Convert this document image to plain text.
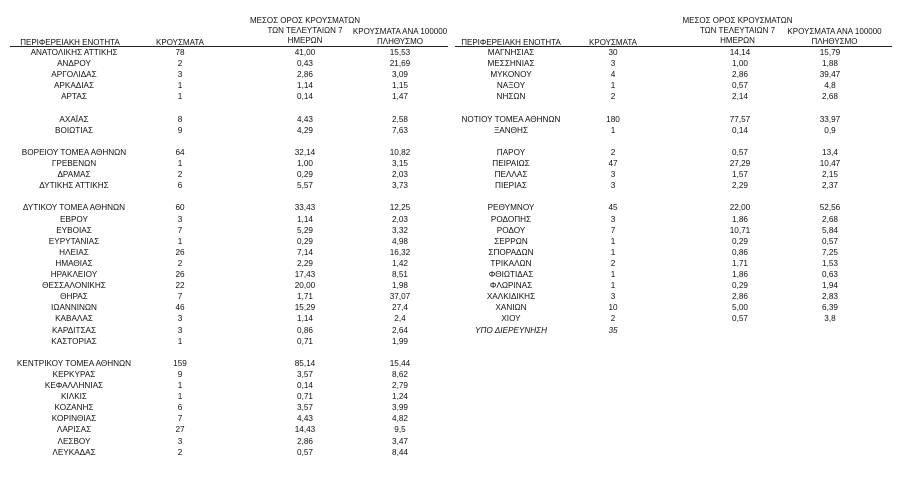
ΠΕΡΙΦΕΡΕΙΑΚΗ ΕΝΟΤΗΤΑ	ΚΡΟΥΣΜΑΤΑ
ΜΕΣΟΣ ΟΡΟΣ ΚΡΟΥΣΜΑΤΩΝ
ΤΩΝ ΤΕΛΕΥΤΑΙΩΝ 7
ΗΜΕΡΩΝ
ΚΡΟΥΣΜΑΤΑ ΑΝΑ 100000
ΠΛΗΘΥΣΜΟ
ΑΝΑΤΟΛΙΚΗΣ ΑΤΤΙΚΗΣ	78	41,00	15,53
ΑΝΔΡΟΥ	2	0,43	21,69
ΑΡΓΟΛΙΔΑΣ	3	2,86	3,09
ΑΡΚΑΔΙΑΣ	1	1,14	1,15
ΑΡΤΑΣ	1	0,14	1,47
ΑΧΑΪΑΣ	8	4,43	2,58
ΒΟΙΩΤΙΑΣ	9	4,29	7,63
ΒΟΡΕΙΟΥ ΤΟΜΕΑ ΑΘΗΝΩΝ	64	32,14	10,82
ΓΡΕΒΕΝΩΝ	1	1,00	3,15
ΔΡΑΜΑΣ	2	0,29	2,03
ΔΥΤΙΚΗΣ ΑΤΤΙΚΗΣ	6	5,57	3,73
ΔΥΤΙΚΟΥ ΤΟΜΕΑ ΑΘΗΝΩΝ	60	33,43	12,25
ΕΒΡΟΥ	3	1,14	2,03
ΕΥΒΟΙΑΣ	7	5,29	3,32
ΕΥΡΥΤΑΝΙΑΣ	1	0,29	4,98
ΗΛΕΙΑΣ	26	7,14	16,32
ΗΜΑΘΙΑΣ	2	2,29	1,42
ΗΡΑΚΛΕΙΟΥ	26	17,43	8,51
ΘΕΣΣΑΛΟΝΙΚΗΣ	22	20,00	1,98
ΘΗΡΑΣ	7	1,71	37,07
ΙΩΑΝΝΙΝΩΝ	46	15,29	27,4
ΚΑΒΑΛΑΣ	3	1,14	2,4
ΚΑΡΔΙΤΣΑΣ	3	0,86	2,64
ΚΑΣΤΟΡΙΑΣ	1	0,71	1,99
ΚΕΝΤΡΙΚΟΥ ΤΟΜΕΑ ΑΘΗΝΩΝ	159	85,14	15,44
ΚΕΡΚΥΡΑΣ	9	3,57	8,62
ΚΕΦΑΛΛΗΝΙΑΣ	1	0,14	2,79
ΚΙΛΚΙΣ	1	0,71	1,24
ΚΟΖΑΝΗΣ	6	3,57	3,99
ΚΟΡΙΝΘΙΑΣ	7	4,43	4,82
ΛΑΡΙΣΑΣ	27	14,43	9,5
ΛΕΣΒΟΥ	3	2,86	3,47
ΛΕΥΚΑΔΑΣ	2	0,57	8,44
ΠΕΡΙΦΕΡΕΙΑΚΗ ΕΝΟΤΗΤΑ	ΚΡΟΥΣΜΑΤΑ
ΜΕΣΟΣ ΟΡΟΣ ΚΡΟΥΣΜΑΤΩΝ
ΤΩΝ ΤΕΛΕΥΤΑΙΩΝ 7
ΗΜΕΡΩΝ
ΚΡΟΥΣΜΑΤΑ ΑΝΑ 100000
ΠΛΗΘΥΣΜΟ
ΜΑΓΝΗΣΙΑΣ	30	14,14	15,79
ΜΕΣΣΗΝΙΑΣ	3	1,00	1,88
ΜΥΚΟΝΟΥ	4	2,86	39,47
ΝΑΞΟΥ	1	0,57	4,8
ΝΗΣΩΝ	2	2,14	2,68
ΝΟΤΙΟΥ ΤΟΜΕΑ ΑΘΗΝΩΝ	180	77,57	33,97
ΞΑΝΘΗΣ	1	0,14	0,9
ΠΑΡΟΥ	2	0,57	13,4
ΠΕΙΡΑΙΩΣ	47	27,29	10,47
ΠΕΛΛΑΣ	3	1,57	2,15
ΠΙΕΡΙΑΣ	3	2,29	2,37
ΡΕΘΥΜΝΟΥ	45	22,00	52,56
ΡΟΔΟΠΗΣ	3	1,86	2,68
ΡΟΔΟΥ	7	10,71	5,84
ΣΕΡΡΩΝ	1	0,29	0,57
ΣΠΟΡΑΔΩΝ	1	0,86	7,25
ΤΡΙΚΑΛΩΝ	2	1,71	1,53
ΦΘΙΩΤΙΔΑΣ	1	1,86	0,63
ΦΛΩΡΙΝΑΣ	1	0,29	1,94
ΧΑΛΚΙΔΙΚΗΣ	3	2,86	2,83
ΧΑΝΙΩΝ	10	5,00	6,39
ΧΙΟΥ	2	0,57	3,8
ΥΠΟ ΔΙΕΡΕΥΝΗΣΗ	35
